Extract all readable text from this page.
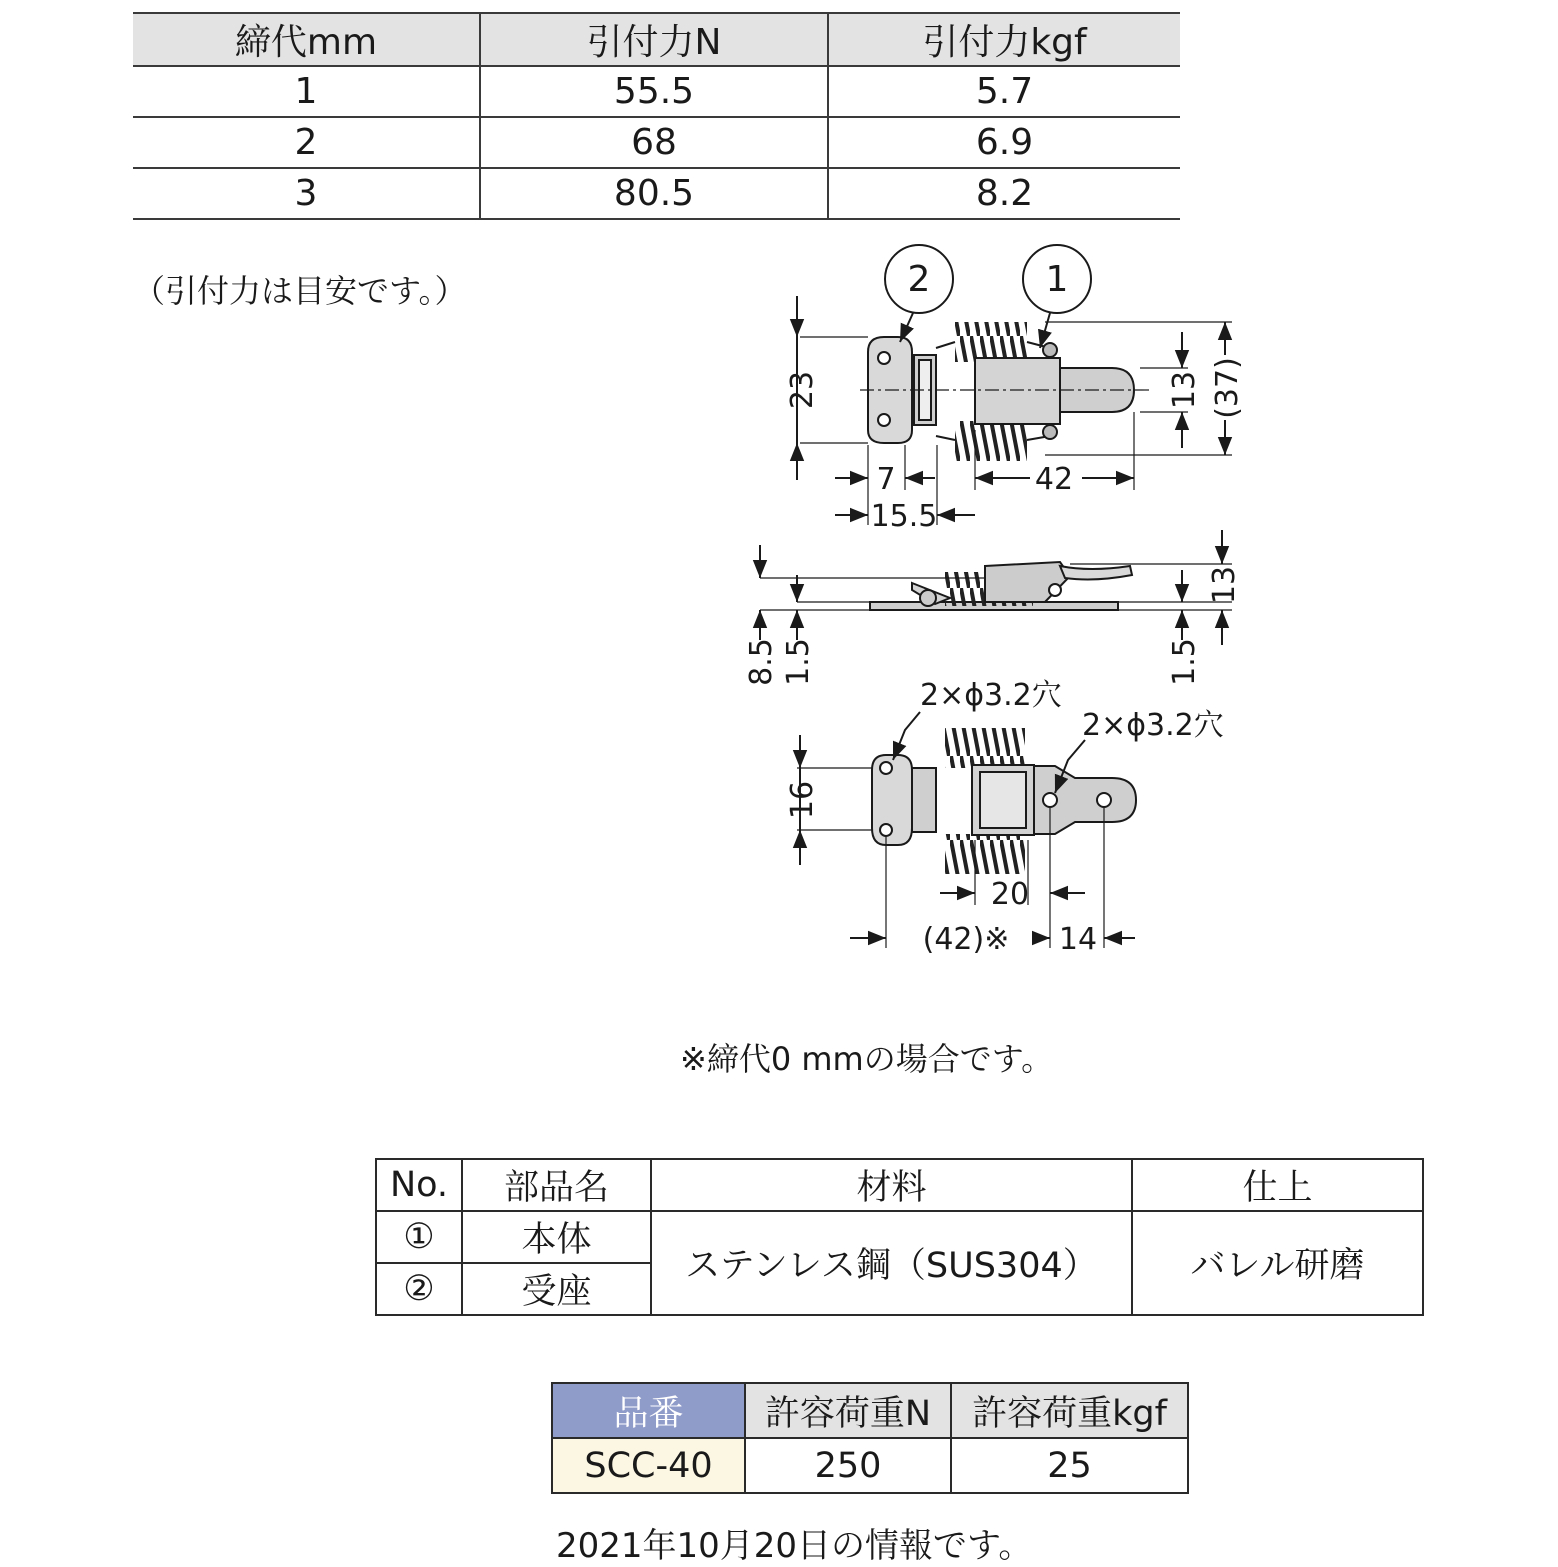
締代mm	引付力N	引付力kgf
1	55.5	5.7
2	68	6.9
3	80.5	8.2
（引付力は目安です。）	2	1
23	13 (37)
7	42
15.5
8.5 1.5
13
1.5
2×ϕ3.2穴
2×ϕ3.2穴
16
20
(42)※ 14
※締代0 mmの場合です。
No.	部品名	材料	仕上
①	本体	ステンレス鋼（SUS304）	バレル研磨
②	受座		
品番	許容荷重N	許容荷重kgf
SCC-40	250	25
2021年10月20日の情報です。
